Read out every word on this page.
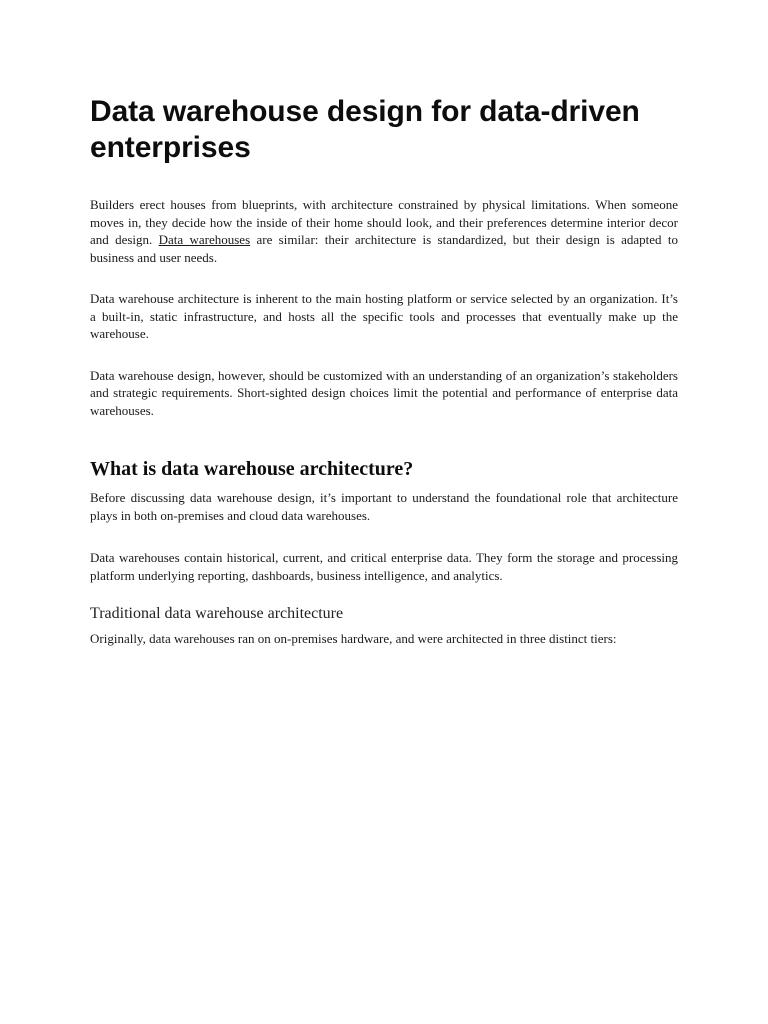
Data warehouse design for data-driven enterprises

Builders erect houses from blueprints, with architecture constrained by physical limitations. When someone moves in, they decide how the inside of their home should look, and their preferences determine interior decor and design. Data warehouses are similar: their architecture is standardized, but their design is adapted to business and user needs.

Data warehouse architecture is inherent to the main hosting platform or service selected by an organization. It’s a built-in, static infrastructure, and hosts all the specific tools and processes that eventually make up the warehouse.

Data warehouse design, however, should be customized with an understanding of an organization’s stakeholders and strategic requirements. Short-sighted design choices limit the potential and performance of enterprise data warehouses.

What is data warehouse architecture?

Before discussing data warehouse design, it’s important to understand the foundational role that architecture plays in both on-premises and cloud data warehouses.

Data warehouses contain historical, current, and critical enterprise data. They form the storage and processing platform underlying reporting, dashboards, business intelligence, and analytics.

Traditional data warehouse architecture

Originally, data warehouses ran on on-premises hardware, and were architected in three distinct tiers:
